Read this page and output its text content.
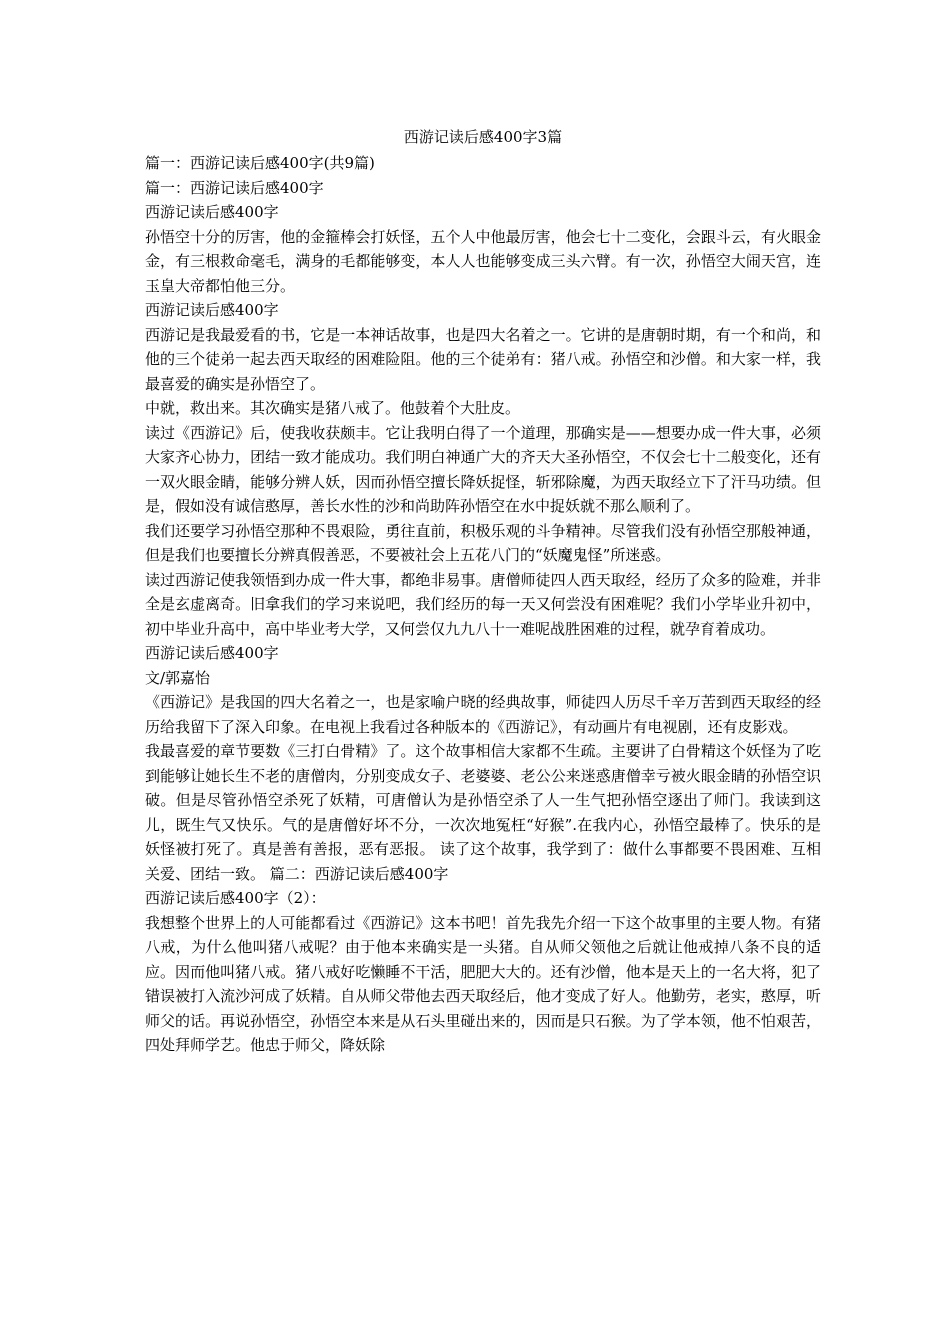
西游记读后感400字3篇

篇一：西游记读后感400字(共9篇)

篇一：西游记读后感400字

西游记读后感400字

孙悟空十分的厉害，他的金箍棒会打妖怪，五个人中他最厉害，他会七十二变化，会跟斗云，有火眼金金，有三根救命毫毛，满身的毛都能够变，本人人也能够变成三头六臂。有一次，孙悟空大闹天宫，连玉皇大帝都怕他三分。

西游记读后感400字

西游记是我最爱看的书，它是一本神话故事，也是四大名着之一。它讲的是唐朝时期，有一个和尚，和他的三个徒弟一起去西天取经的困难险阻。他的三个徒弟有：猪八戒。孙悟空和沙僧。和大家一样，我最喜爱的确实是孙悟空了。

中就，救出来。其次确实是猪八戒了。他鼓着个大肚皮。

读过《西游记》后，使我收获颇丰。它让我明白得了一个道理，那确实是——想要办成一件大事，必须大家齐心协力，团结一致才能成功。我们明白神通广大的齐天大圣孙悟空，不仅会七十二般变化，还有一双火眼金睛，能够分辨人妖，因而孙悟空擅长降妖捉怪，斩邪除魔，为西天取经立下了汗马功绩。但是，假如没有诚信憨厚，善长水性的沙和尚助阵孙悟空在水中捉妖就不那么顺利了。

我们还要学习孙悟空那种不畏艰险，勇往直前，积极乐观的斗争精神。尽管我们没有孙悟空那般神通，但是我们也要擅长分辨真假善恶，不要被社会上五花八门的“妖魔鬼怪”所迷惑。

读过西游记使我领悟到办成一件大事，都绝非易事。唐僧师徒四人西天取经，经历了众多的险难，并非全是玄虚离奇。旧拿我们的学习来说吧，我们经历的每一天又何尝没有困难呢？我们小学毕业升初中，初中毕业升高中，高中毕业考大学，又何尝仅九九八十一难呢战胜困难的过程，就孕育着成功。

西游记读后感400字

文/郭嘉怡

《西游记》是我国的四大名着之一，也是家喻户晓的经典故事，师徒四人历尽千辛万苦到西天取经的经历给我留下了深入印象。在电视上我看过各种版本的《西游记》，有动画片有电视剧，还有皮影戏。

我最喜爱的章节要数《三打白骨精》了。这个故事相信大家都不生疏。主要讲了白骨精这个妖怪为了吃到能够让她长生不老的唐僧肉，分别变成女子、老婆婆、老公公来迷惑唐僧幸亏被火眼金睛的孙悟空识破。但是尽管孙悟空杀死了妖精，可唐僧认为是孙悟空杀了人一生气把孙悟空逐出了师门。我读到这儿，既生气又快乐。气的是唐僧好坏不分，一次次地冤枉“好猴”.在我内心，孙悟空最棒了。快乐的是妖怪被打死了。真是善有善报，恶有恶报。 读了这个故事，我学到了：做什么事都要不畏困难、互相关爱、团结一致。 篇二：西游记读后感400字

西游记读后感400字（2）：

我想整个世界上的人可能都看过《西游记》这本书吧！首先我先介绍一下这个故事里的主要人物。有猪八戒，为什么他叫猪八戒呢？由于他本来确实是一头猪。自从师父领他之后就让他戒掉八条不良的适应。因而他叫猪八戒。猪八戒好吃懒睡不干活，肥肥大大的。还有沙僧，他本是天上的一名大将，犯了错误被打入流沙河成了妖精。自从师父带他去西天取经后，他才变成了好人。他勤劳，老实，憨厚，听师父的话。再说孙悟空，孙悟空本来是从石头里碰出来的，因而是只石猴。为了学本领，他不怕艰苦，四处拜师学艺。他忠于师父，降妖除
